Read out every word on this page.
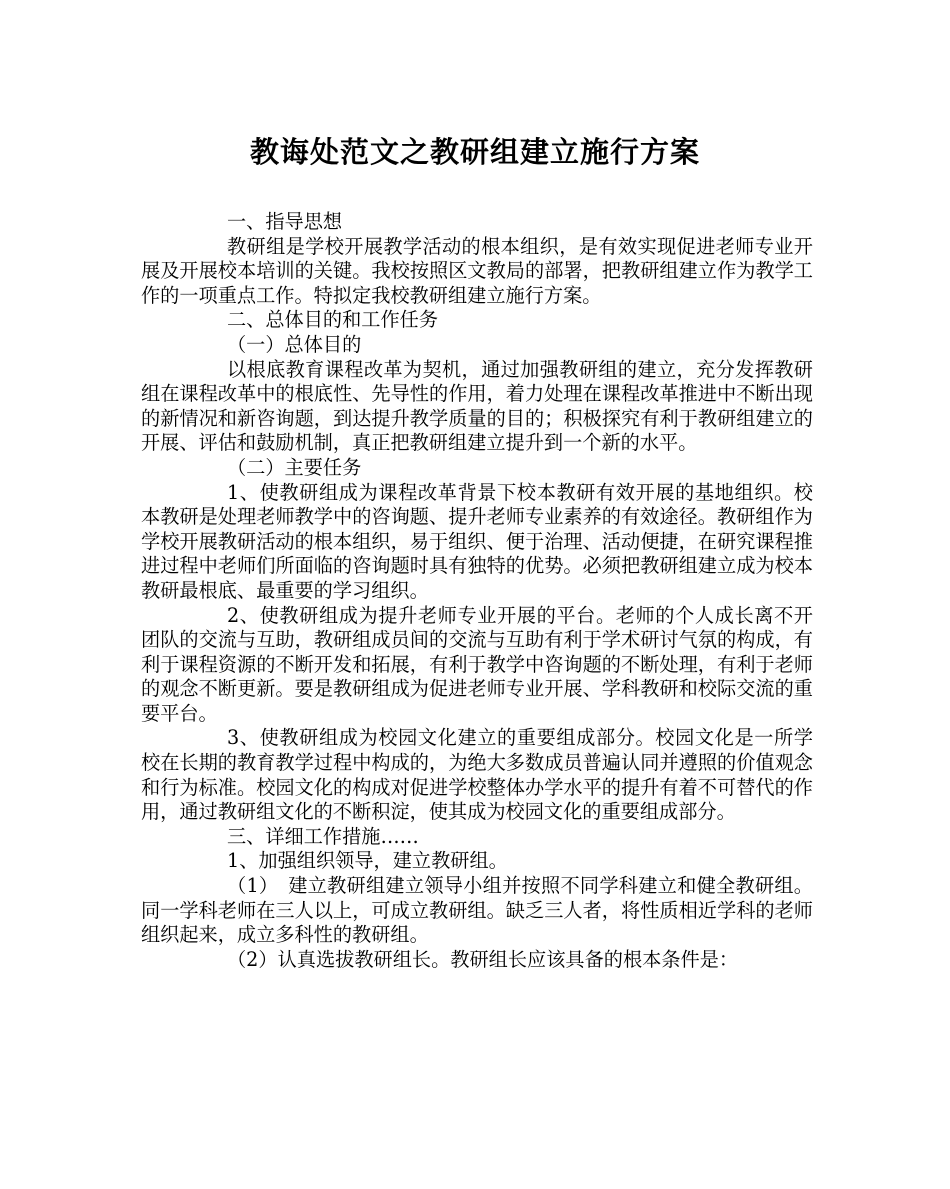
教诲处范文之教研组建立施行方案

一、指导思想

教研组是学校开展教学活动的根本组织，是有效实现促进老师专业开展及开展校本培训的关键。我校按照区文教局的部署，把教研组建立作为教学工作的一项重点工作。特拟定我校教研组建立施行方案。

二、总体目的和工作任务

（一）总体目的

以根底教育课程改革为契机，通过加强教研组的建立，充分发挥教研组在课程改革中的根底性、先导性的作用，着力处理在课程改革推进中不断出现的新情况和新咨询题，到达提升教学质量的目的；积极探究有利于教研组建立的开展、评估和鼓励机制，真正把教研组建立提升到一个新的水平。

（二）主要任务

1、使教研组成为课程改革背景下校本教研有效开展的基地组织。校本教研是处理老师教学中的咨询题、提升老师专业素养的有效途径。教研组作为学校开展教研活动的根本组织，易于组织、便于治理、活动便捷，在研究课程推进过程中老师们所面临的咨询题时具有独特的优势。必须把教研组建立成为校本教研最根底、最重要的学习组织。

2、使教研组成为提升老师专业开展的平台。老师的个人成长离不开团队的交流与互助，教研组成员间的交流与互助有利于学术研讨气氛的构成，有利于课程资源的不断开发和拓展，有利于教学中咨询题的不断处理，有利于老师的观念不断更新。要是教研组成为促进老师专业开展、学科教研和校际交流的重要平台。

3、使教研组成为校园文化建立的重要组成部分。校园文化是一所学校在长期的教育教学过程中构成的，为绝大多数成员普遍认同并遵照的价值观念和行为标准。校园文化的构成对促进学校整体办学水平的提升有着不可替代的作用，通过教研组文化的不断积淀，使其成为校园文化的重要组成部分。

三、详细工作措施……

1、加强组织领导，建立教研组。

（1）　建立教研组建立领导小组并按照不同学科建立和健全教研组。同一学科老师在三人以上，可成立教研组。缺乏三人者，将性质相近学科的老师组织起来，成立多科性的教研组。

（2）认真选拔教研组长。教研组长应该具备的根本条件是：
